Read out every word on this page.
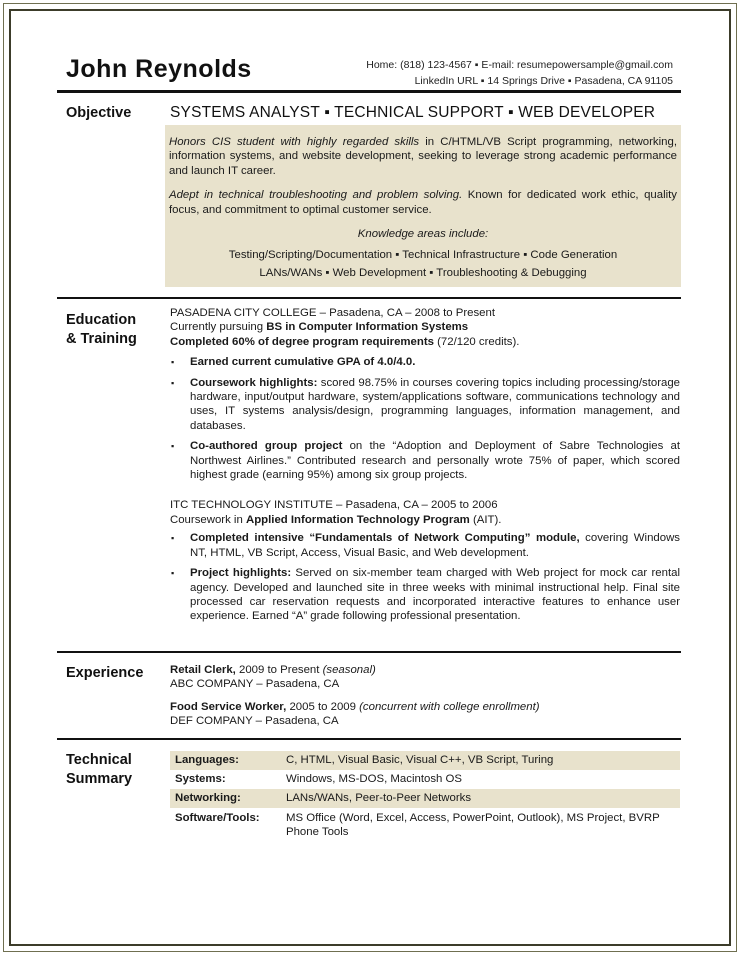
John Reynolds	Home: (818) 123-4567 ▪ E-mail: resumepowersample@gmail.com
LinkedIn URL ▪ 14 Springs Drive ▪ Pasadena, CA 91105
Objective SYSTEMS ANALYST ▪ TECHNICAL SUPPORT ▪ WEB DEVELOPER

Honors CIS student with highly regarded skills in C/HTML/VB Script programming, networking, information systems, and website development, seeking to leverage strong academic performance and launch IT career.

Adept in technical troubleshooting and problem solving. Known for dedicated work ethic, quality focus, and commitment to optimal customer service.

Knowledge areas include:
Testing/Scripting/Documentation ▪ Technical Infrastructure ▪ Code Generation
LANs/WANs ▪ Web Development ▪ Troubleshooting & Debugging
Education
& Training
PASADENA CITY COLLEGE – Pasadena, CA – 2008 to Present
Currently pursuing BS in Computer Information Systems
Completed 60% of degree program requirements (72/120 credits).
▪ Earned current cumulative GPA of 4.0/4.0.
▪ Coursework highlights: scored 98.75% in courses covering topics including processing/storage hardware, input/output hardware, system/applications software, communications technology and uses, IT systems analysis/design, programming languages, information management, and databases.
▪ Co-authored group project on the “Adoption and Deployment of Sabre Technologies at Northwest Airlines.” Contributed research and personally wrote 75% of paper, which scored highest grade (earning 95%) among six group projects.
ITC TECHNOLOGY INSTITUTE – Pasadena, CA – 2005 to 2006
Coursework in Applied Information Technology Program (AIT).
▪ Completed intensive “Fundamentals of Network Computing” module, covering Windows NT, HTML, VB Script, Access, Visual Basic, and Web development.
▪ Project highlights: Served on six-member team charged with Web project for mock car rental agency. Developed and launched site in three weeks with minimal instructional help. Final site processed car reservation requests and incorporated interactive features to enhance user experience. Earned “A” grade following professional presentation.
Experience Retail Clerk, 2009 to Present (seasonal)
ABC COMPANY – Pasadena, CA
Food Service Worker, 2005 to 2009 (concurrent with college enrollment)
DEF COMPANY – Pasadena, CA
Technical
Summary
Languages:	C, HTML, Visual Basic, Visual C++, VB Script, Turing
Systems:	Windows, MS-DOS, Macintosh OS
Networking:	LANs/WANs, Peer-to-Peer Networks
Software/Tools:	MS Office (Word, Excel, Access, PowerPoint, Outlook), MS Project, BVRP Phone Tools
